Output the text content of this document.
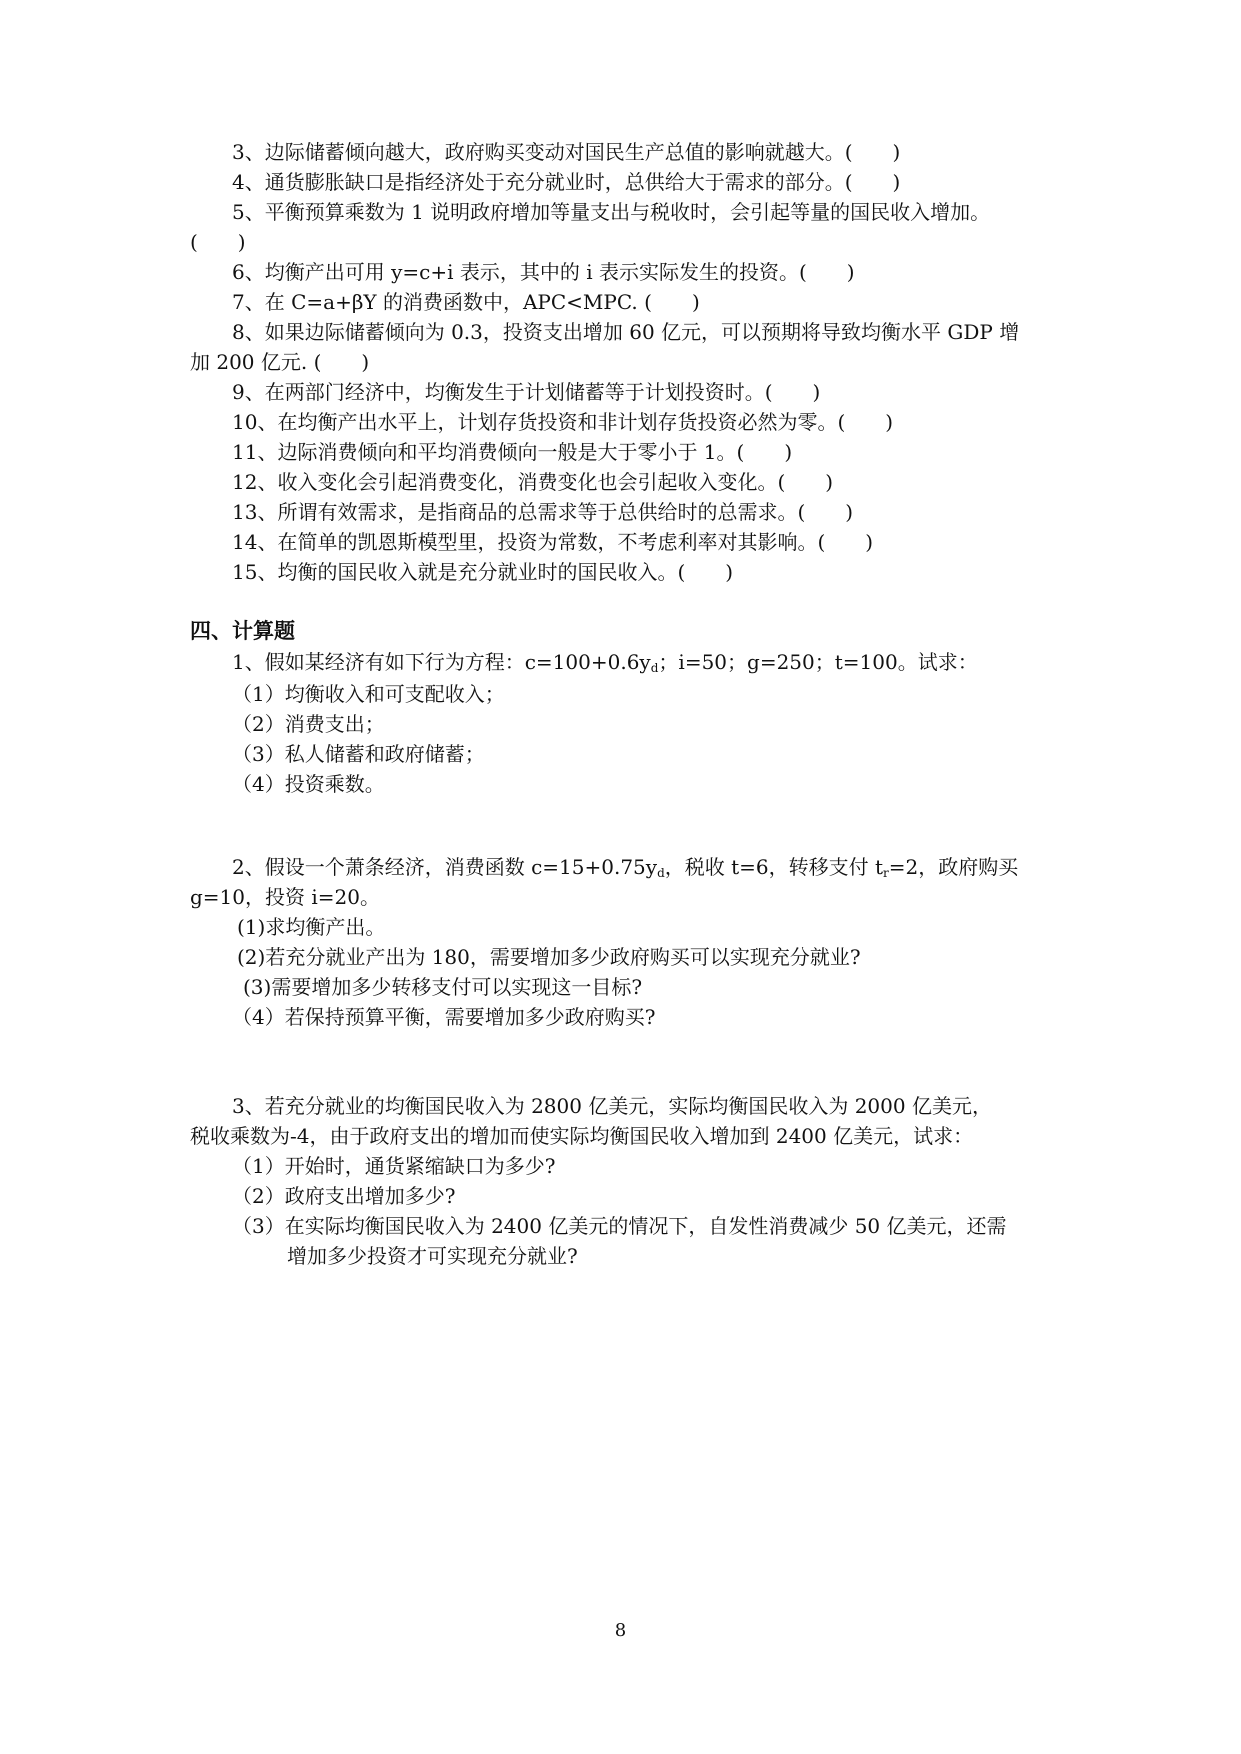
3、边际储蓄倾向越大，政府购买变动对国民生产总值的影响就越大。(　　)
4、通货膨胀缺口是指经济处于充分就业时，总供给大于需求的部分。(　　)
5、平衡预算乘数为 1 说明政府增加等量支出与税收时，会引起等量的国民收入增加。
(　　)
6、均衡产出可用 y=c+i 表示，其中的 i 表示实际发生的投资。(　　)
7、在 C=a+βY 的消费函数中，APC<MPC. (　　)
8、如果边际储蓄倾向为 0.3，投资支出增加 60 亿元，可以预期将导致均衡水平 GDP 增
加 200 亿元. (　　)
9、在两部门经济中，均衡发生于计划储蓄等于计划投资时。(　　)
10、在均衡产出水平上，计划存货投资和非计划存货投资必然为零。(　　)
11、边际消费倾向和平均消费倾向一般是大于零小于 1。(　　)
12、收入变化会引起消费变化，消费变化也会引起收入变化。(　　)
13、所谓有效需求，是指商品的总需求等于总供给时的总需求。(　　)
14、在简单的凯恩斯模型里，投资为常数，不考虑利率对其影响。(　　)
15、均衡的国民收入就是充分就业时的国民收入。(　　)
四、计算题
1、假如某经济有如下行为方程：$c=100+0.6y_d$；i=50；g=250；t=100。试求：
（1）均衡收入和可支配收入；
（2）消费支出；
（3）私人储蓄和政府储蓄；
（4）投资乘数。
2、假设一个萧条经济，消费函数 $c=15+0.75y_d$，税收 t=6，转移支付 $t_r=2$，政府购买
g=10，投资 i=20。
(1)求均衡产出。
(2)若充分就业产出为 180，需要增加多少政府购买可以实现充分就业?
(3)需要增加多少转移支付可以实现这一目标?
（4）若保持预算平衡，需要增加多少政府购买?
3、若充分就业的均衡国民收入为 2800 亿美元，实际均衡国民收入为 2000 亿美元，
税收乘数为-4，由于政府支出的增加而使实际均衡国民收入增加到 2400 亿美元，试求：
（1）开始时，通货紧缩缺口为多少?
（2）政府支出增加多少?
（3）在实际均衡国民收入为 2400 亿美元的情况下，自发性消费减少 50 亿美元，还需
增加多少投资才可实现充分就业?
8
